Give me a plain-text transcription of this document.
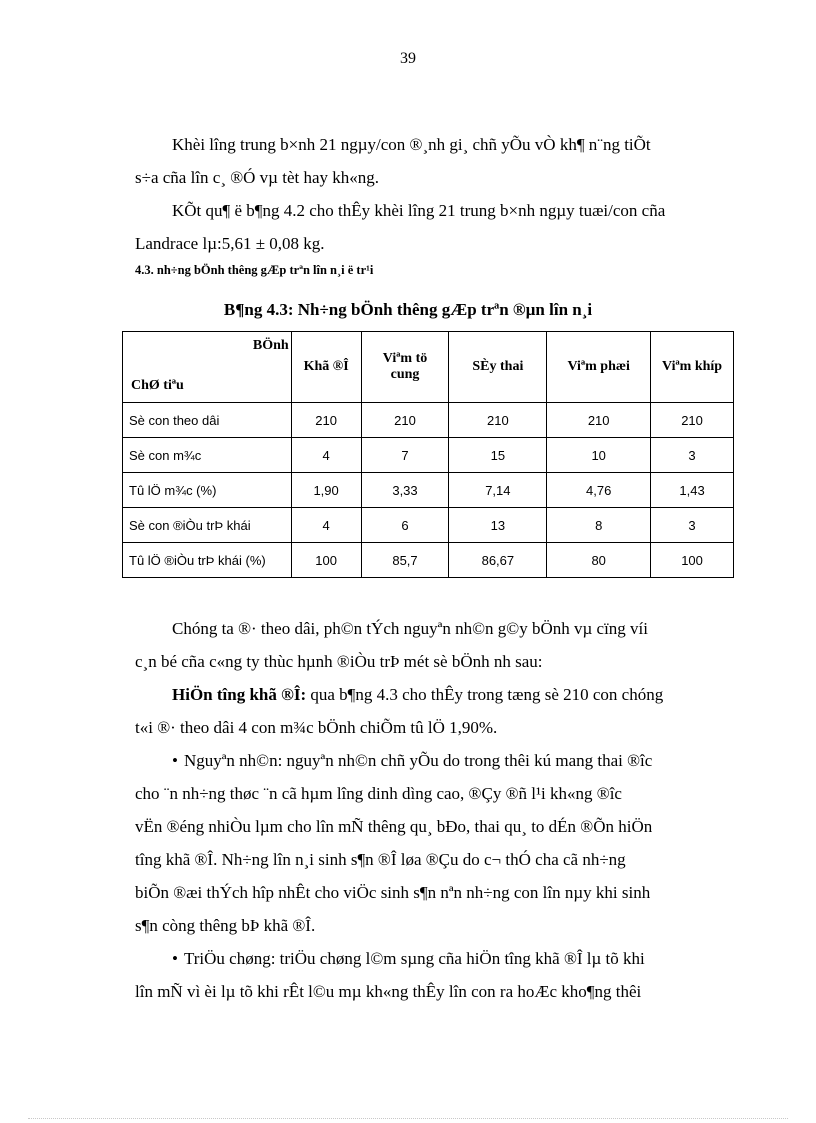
39

Khèi lîng trung b×nh 21 ngµy/con ®¸nh gi¸ chñ yÕu vÒ kh¶ n¨ng tiÕt

s÷a cña lîn c¸ ®Ó vµ tèt hay kh«ng.

KÕt qu¶ ë b¶ng 4.2 cho thÊy khèi lîng 21 trung b×nh ngµy tuæi/con cña

Landrace lµ:5,61 ± 0,08 kg.

4.3. nh÷ng bÖnh thêng gÆp trªn lîn n¸i ë tr¹i
B¶ng 4.3: Nh÷ng bÖnh thêng gÆp trªn ®µn lîn n¸i
BÖnh
ChØ tiªu	Khã ®Î	Viªm tö cung	SÈy thai	Viªm phæi	Viªm khíp
Sè con theo dâi	210	210	210	210	210
Sè con m¾c	4	7	15	10	3
Tû lÖ m¾c (%)	1,90	3,33	7,14	4,76	1,43
Sè con ®iÒu trÞ khái	4	6	13	8	3
Tû lÖ ®iÒu trÞ khái (%)	100	85,7	86,67	80	100

Chóng ta ®· theo dâi, ph©n tÝch nguyªn nh©n g©y bÖnh vµ cïng víi

c¸n bé cña c«ng ty thùc hµnh ®iÒu trÞ mét sè bÖnh nh sau:

HiÖn tîng khã ®Î: qua b¶ng 4.3 cho thÊy trong tæng sè 210 con chóng

t«i ®· theo dâi 4 con m¾c bÖnh chiÕm tû lÖ 1,90%.

• Nguyªn nh©n: nguyªn nh©n chñ yÕu do trong thêi kú mang thai ®îc

cho ¨n nh÷ng thøc ¨n cã hµm lîng dinh dìng cao, ®Çy ®ñ l¹i kh«ng ®îc

vËn ®éng nhiÒu lµm cho lîn mÑ thêng qu¸ bÐo, thai qu¸ to dÉn ®Õn hiÖn

tîng khã ®Î. Nh÷ng lîn n¸i sinh s¶n ®Î løa ®Çu do c¬ thÓ cha cã nh÷ng

biÕn ®æi thÝch hîp nhÊt cho viÖc sinh s¶n nªn nh÷ng con lîn nµy khi sinh

s¶n còng thêng bÞ khã ®Î.

• TriÖu chøng: triÖu chøng l©m sµng cña hiÖn tîng khã ®Î lµ tõ khi

lîn mÑ vì èi lµ tõ khi rÊt l©u mµ kh«ng thÊy lîn con ra hoÆc kho¶ng thêi
